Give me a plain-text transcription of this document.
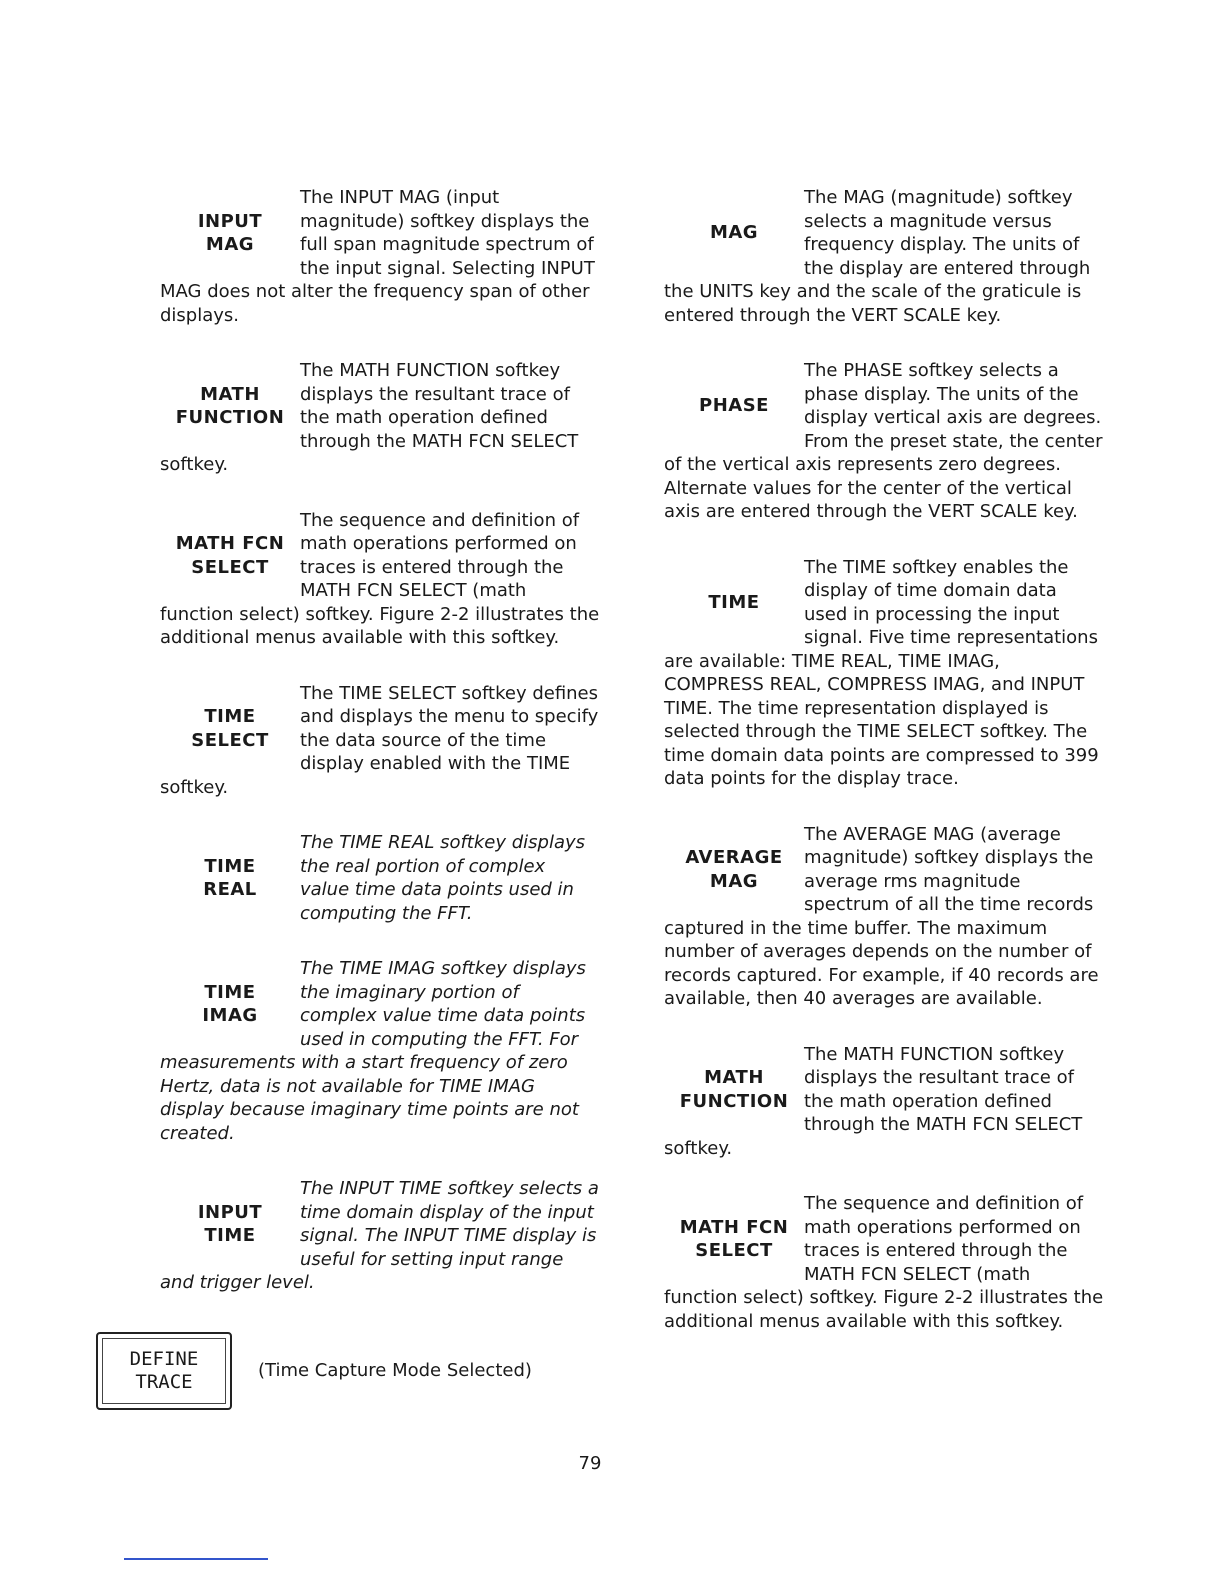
INPUT
MAG
The INPUT MAG (input magnitude) softkey displays the full span magnitude spectrum of the input signal. Selecting INPUT MAG does not alter the frequency span of other displays.
MATH
FUNCTION
The MATH FUNCTION softkey displays the resultant trace of the math operation defined through the MATH FCN SELECT softkey.
MATH FCN
SELECT
The sequence and definition of math operations performed on traces is entered through the MATH FCN SELECT (math function select) softkey. Figure 2-2 illustrates the additional menus available with this softkey.
TIME
SELECT
The TIME SELECT softkey defines and displays the menu to specify the data source of the time display enabled with the TIME softkey.
TIME
REAL
The TIME REAL softkey displays the real portion of complex value time data points used in computing the FFT.
TIME
IMAG
The TIME IMAG softkey displays the imaginary portion of complex value time data points used in computing the FFT. For measurements with a start frequency of zero Hertz, data is not available for TIME IMAG display because imaginary time points are not created.
INPUT
TIME
The INPUT TIME softkey selects a time domain display of the input signal. The INPUT TIME display is useful for setting input range and trigger level.
MAG
The MAG (magnitude) softkey selects a magnitude versus frequency display. The units of the display are entered through the UNITS key and the scale of the graticule is entered through the VERT SCALE key.
PHASE
The PHASE softkey selects a phase display. The units of the display vertical axis are degrees. From the preset state, the center of the vertical axis represents zero degrees. Alternate values for the center of the vertical axis are entered through the VERT SCALE key.
TIME
The TIME softkey enables the display of time domain data used in processing the input signal. Five time representations are available: TIME REAL, TIME IMAG, COMPRESS REAL, COMPRESS IMAG, and INPUT TIME. The time representation displayed is selected through the TIME SELECT softkey. The time domain data points are compressed to 399 data points for the display trace.
AVERAGE
MAG
The AVERAGE MAG (average magnitude) softkey displays the average rms magnitude spectrum of all the time records captured in the time buffer. The maximum number of averages depends on the number of records captured. For example, if 40 records are available, then 40 averages are available.
MATH
FUNCTION
The MATH FUNCTION softkey displays the resultant trace of the math operation defined through the MATH FCN SELECT softkey.
MATH FCN
SELECT
The sequence and definition of math operations performed on traces is entered through the MATH FCN SELECT (math function select) softkey. Figure 2-2 illustrates the additional menus available with this softkey.
DEFINE
TRACE
(Time Capture Mode Selected)
79
